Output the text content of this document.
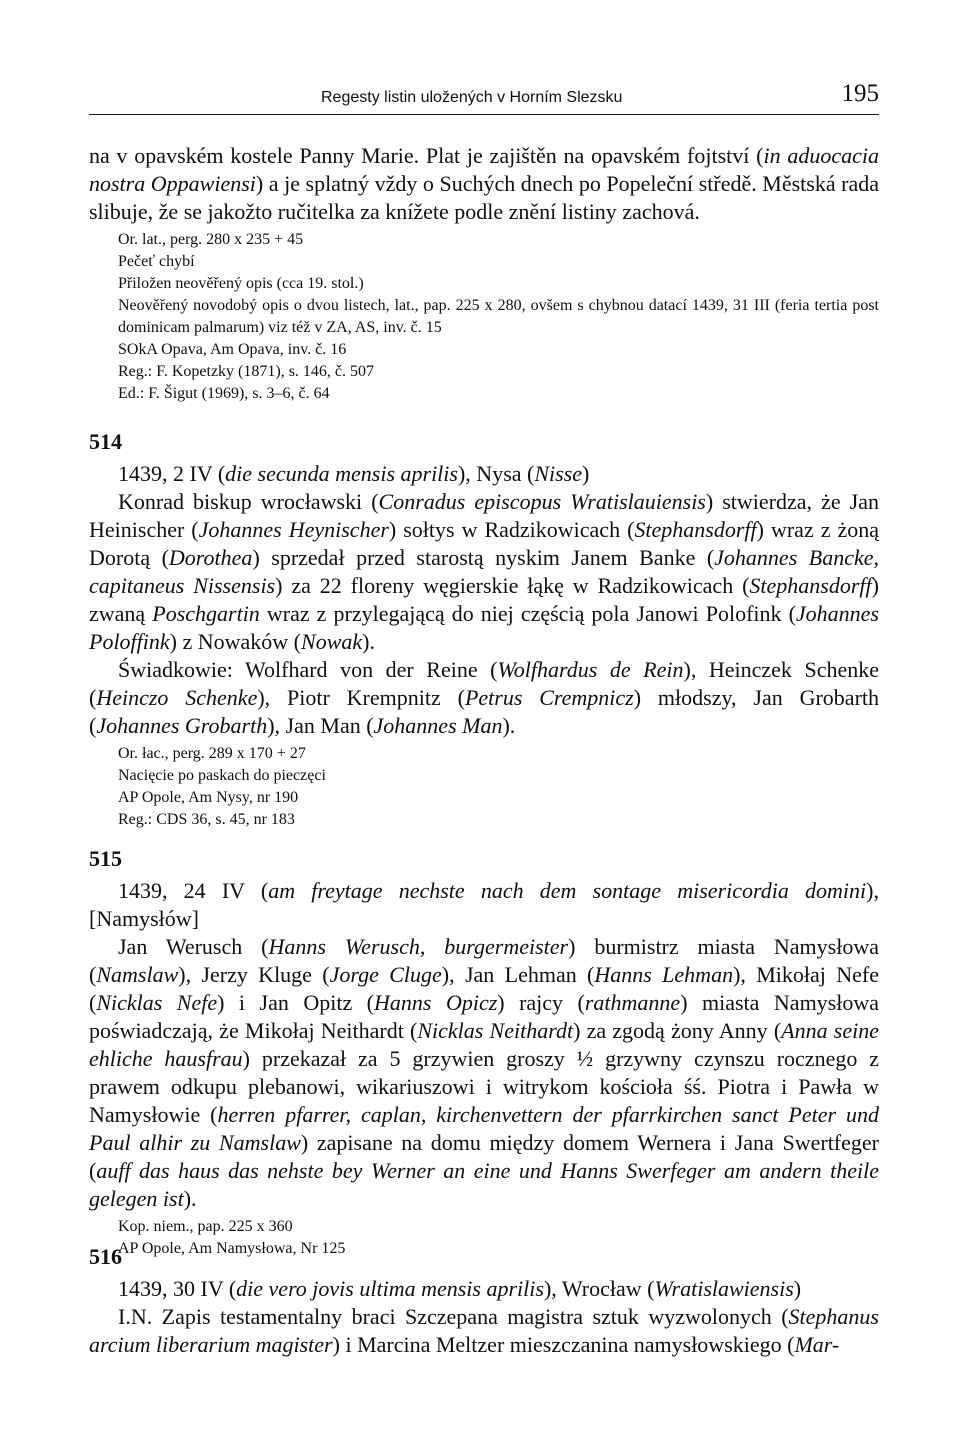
Regesty listin uložených v Horním Slezsku	195

na v opavském kostele Panny Marie. Plat je zajištěn na opavském fojtství (in aduocacia nostra Oppawiensi) a je splatný vždy o Suchých dnech po Popeleční středě. Městská rada slibuje, že se jakožto ručitelka za knížete podle znění listiny zachová.

Or. lat., perg. 280 x 235 + 45

Pečeť chybí

Přiložen neověřený opis (cca 19. stol.)

Neověřený novodobý opis o dvou listech, lat., pap. 225 x 280, ovšem s chybnou datací 1439, 31 III (feria tertia post dominicam palmarum) viz též v ZA, AS, inv. č. 15

SOkA Opava, Am Opava, inv. č. 16

Reg.: F. Kopetzky (1871), s. 146, č. 507

Ed.: F. Šigut (1969), s. 3–6, č. 64

514

1439, 2 IV (die secunda mensis aprilis), Nysa (Nisse)

Konrad biskup wrocławski (Conradus episcopus Wratislauiensis) stwierdza, że Jan Heinischer (Johannes Heynischer) sołtys w Radzikowicach (Stephansdorff) wraz z żoną Dorotą (Dorothea) sprzedał przed starostą nyskim Janem Banke (Johannes Bancke, capitaneus Nissensis) za 22 floreny węgierskie łąkę w Radzikowicach (Stephansdorff) zwaną Poschgartin wraz z przylegającą do niej częścią pola Janowi Polofink (Johannes Poloffink) z Nowaków (Nowak).

Świadkowie: Wolfhard von der Reine (Wolfhardus de Rein), Heinczek Schenke (Heinczo Schenke), Piotr Krempnitz (Petrus Crempnicz) młodszy, Jan Grobarth (Johannes Grobarth), Jan Man (Johannes Man).

Or. łac., perg. 289 x 170 + 27

Nacięcie po paskach do pieczęci

AP Opole, Am Nysy, nr 190

Reg.: CDS 36, s. 45, nr 183

515

1439, 24 IV (am freytage nechste nach dem sontage misericordia domini), [Namysłów]

Jan Werusch (Hanns Werusch, burgermeister) burmistrz miasta Namysłowa (Namslaw), Jerzy Kluge (Jorge Cluge), Jan Lehman (Hanns Lehman), Mikołaj Nefe (Nicklas Nefe) i Jan Opitz (Hanns Opicz) rajcy (rathmanne) miasta Namysłowa poświadczają, że Mikołaj Neithardt (Nicklas Neithardt) za zgodą żony Anny (Anna seine ehliche hausfrau) przekazał za 5 grzywien groszy ½ grzywny czynszu rocznego z prawem odkupu plebanowi, wikariuszowi i witrykom kościoła śś. Piotra i Pawła w Namysłowie (herren pfarrer, caplan, kirchenvettern der pfarrkirchen sanct Peter und Paul alhir zu Namslaw) zapisane na domu między domem Wernera i Jana Swertfeger (auff das haus das nehste bey Werner an eine und Hanns Swerfeger am andern theile gelegen ist).

Kop. niem., pap. 225 x 360

AP Opole, Am Namysłowa, Nr 125

516

1439, 30 IV (die vero jovis ultima mensis aprilis), Wrocław (Wratislawiensis)

I.N. Zapis testamentalny braci Szczepana magistra sztuk wyzwolonych (Stephanus arcium liberarium magister) i Marcina Meltzer mieszczanina namysłowskiego (Mar-
